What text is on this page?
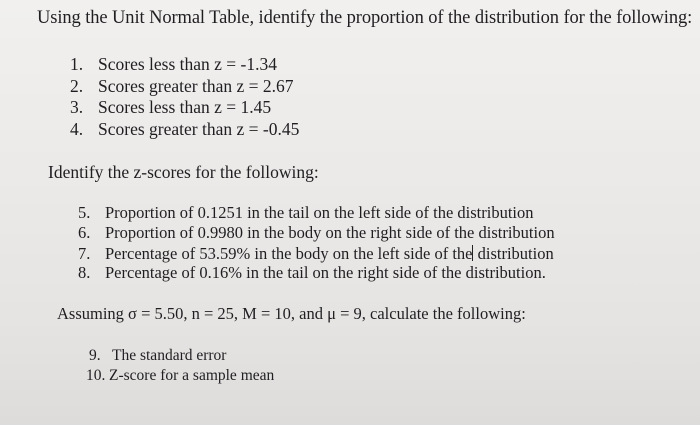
Using the Unit Normal Table, identify the proportion of the distribution for the following:
1. Scores less than z = -1.34
2. Scores greater than z = 2.67
3. Scores less than z = 1.45
4. Scores greater than z = -0.45
Identify the z-scores for the following:
5. Proportion of 0.1251 in the tail on the left side of the distribution
6. Proportion of 0.9980 in the body on the right side of the distribution
7. Percentage of 53.59% in the body on the left side of the distribution
8. Percentage of 0.16% in the tail on the right side of the distribution.
Assuming σ = 5.50, n = 25, M = 10, and μ = 9, calculate the following:
9. The standard error
10. Z-score for a sample mean
